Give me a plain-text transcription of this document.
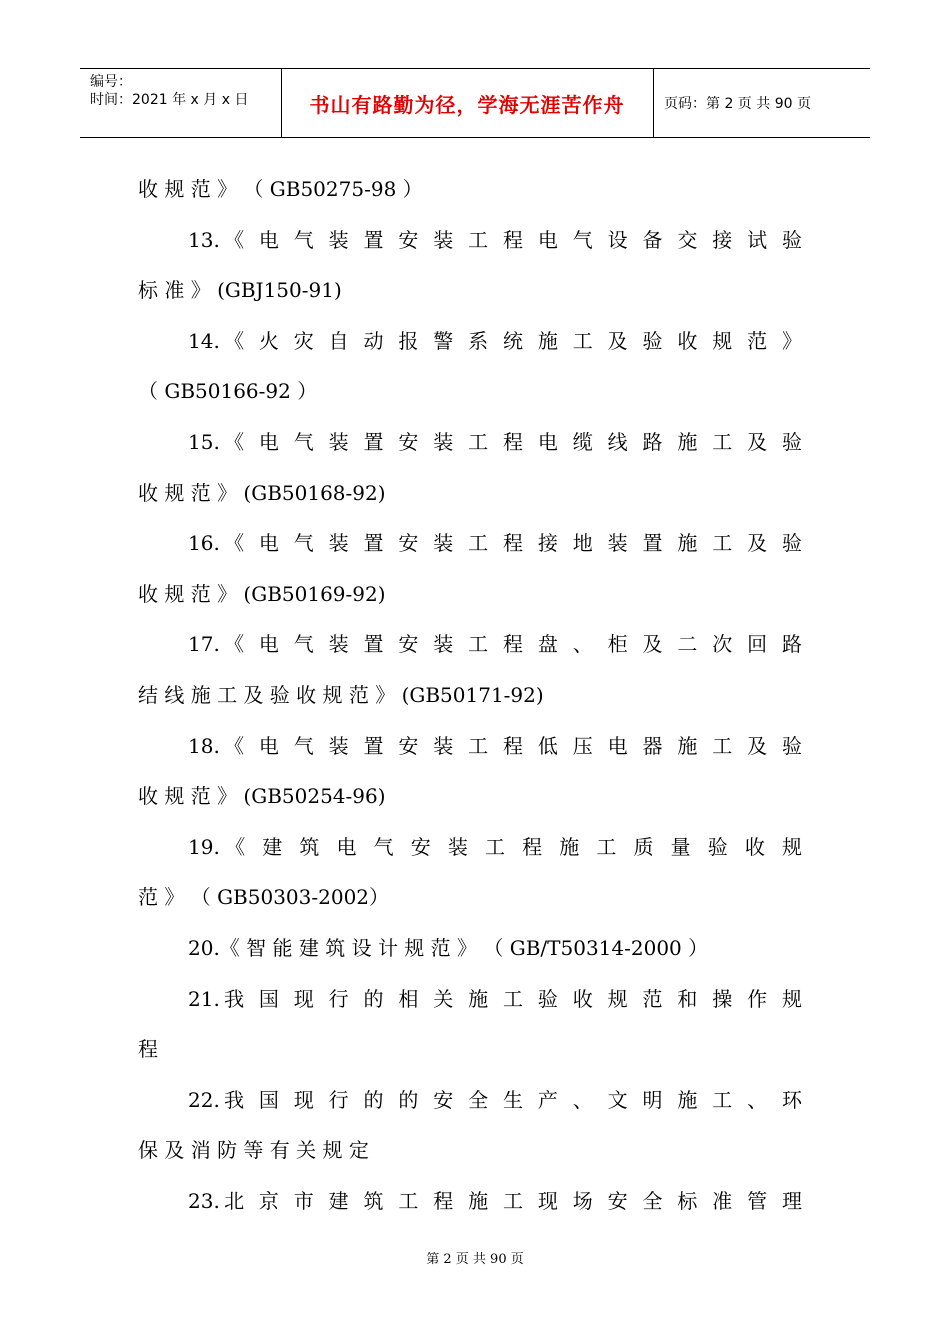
编号：
时间：2021 年 x 月 x 日	书山有路勤为径，学海无涯苦作舟	页码：第 2 页 共 90 页
收 规 范 》 （ GB50275-98 ）
13.《 电 气 装 置 安 装 工 程 电 气 设 备 交 接 试 验
标 准 》 (GBJ150-91)
14.《 火 灾 自 动 报 警 系 统 施 工 及 验 收 规 范 》
（ GB50166-92 ）
15.《 电 气 装 置 安 装 工 程 电 缆 线 路 施 工 及 验
收 规 范 》 (GB50168-92)
16.《 电 气 装 置 安 装 工 程 接 地 装 置 施 工 及 验
收 规 范 》 (GB50169-92)
17.《 电 气 装 置 安 装 工 程 盘 、 柜 及 二 次 回 路
结 线 施 工 及 验 收 规 范 》 (GB50171-92)
18.《 电 气 装 置 安 装 工 程 低 压 电 器 施 工 及 验
收 规 范 》 (GB50254-96)
19.《 建 筑 电 气 安 装 工 程 施 工 质 量 验 收 规
范 》 （ GB50303-2002）
20.《 智 能 建 筑 设 计 规 范 》 （ GB/T50314-2000 ）
21.我 国 现 行 的 相 关 施 工 验 收 规 范 和 操 作 规
程
22.我 国 现 行 的 的 安 全 生 产 、 文 明 施 工 、 环
保 及 消 防 等 有 关 规 定
23.北 京 市 建 筑 工 程 施 工 现 场 安 全 标 准 管 理
第 2 页 共 90 页
